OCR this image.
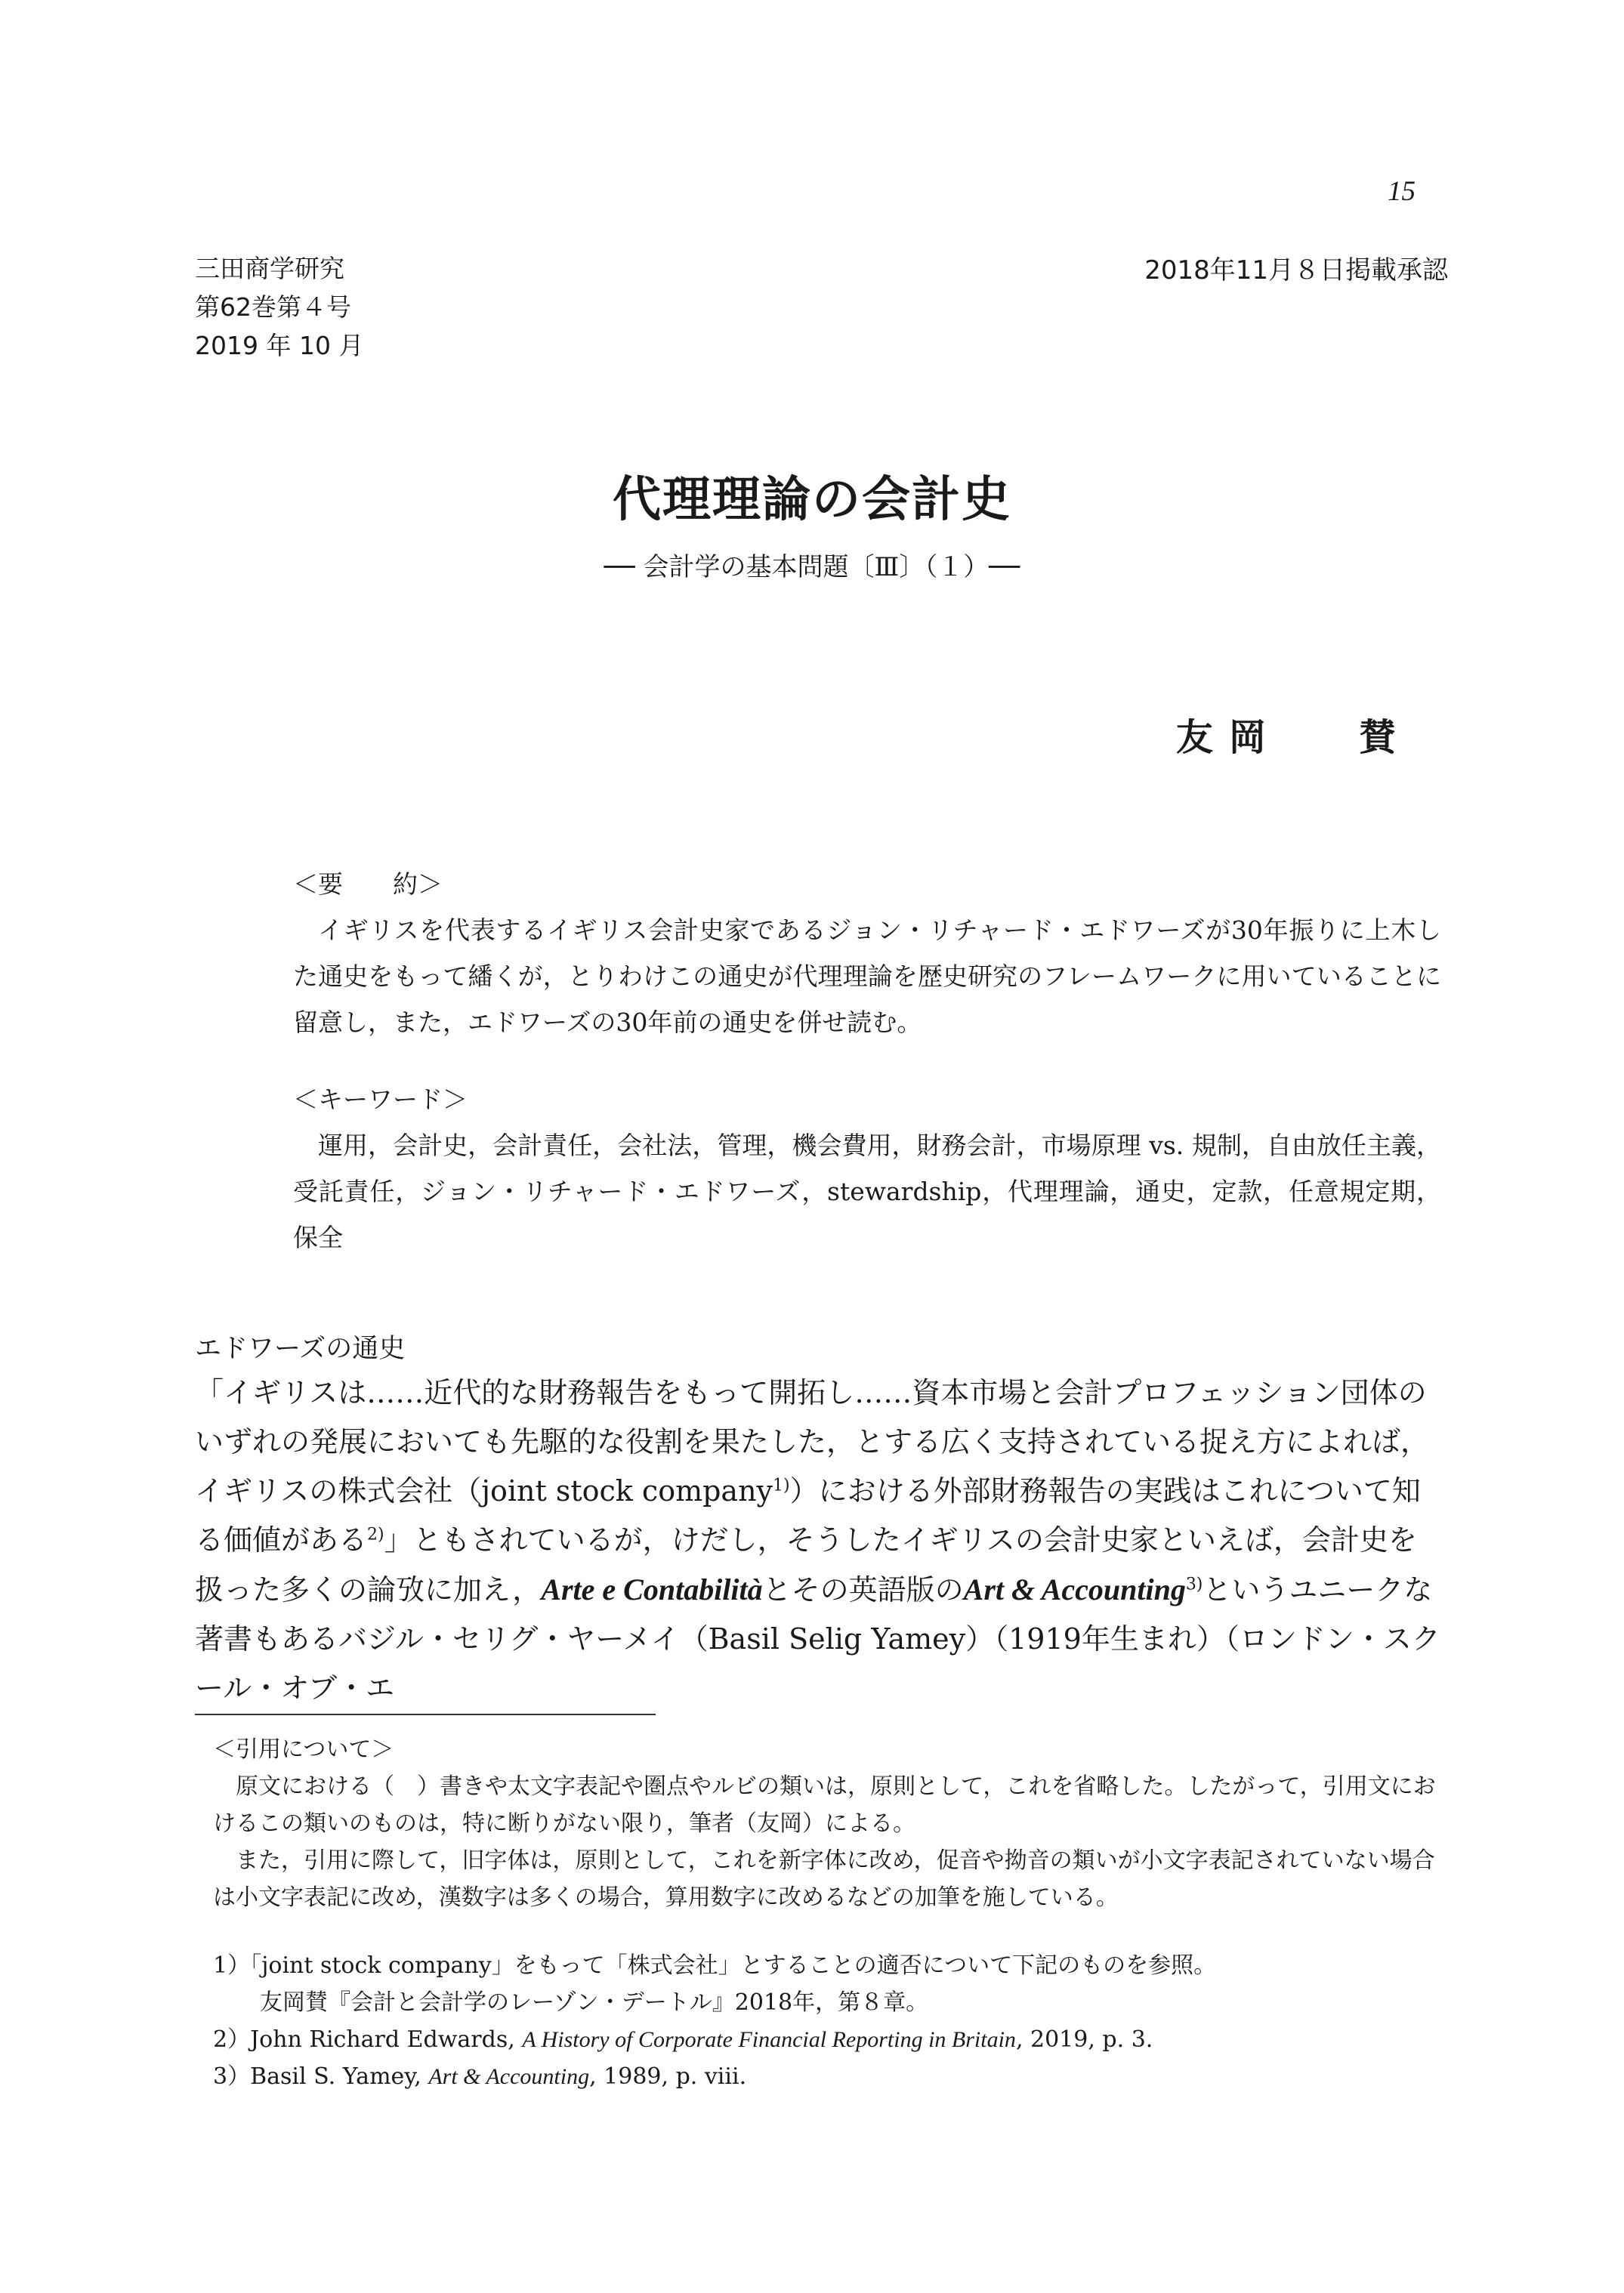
15
三田商学研究
第62巻第４号
2019 年 10 月
2018年11月８日掲載承認
代理理論の会計史
── 会計学の基本問題〔Ⅲ〕（１）──
友 岡　　 賛
＜要　　約＞
イギリスを代表するイギリス会計史家であるジョン・リチャード・エドワーズが30年振りに上木した通史をもって繙くが，とりわけこの通史が代理理論を歴史研究のフレームワークに用いていることに留意し，また，エドワーズの30年前の通史を併せ読む。
＜キーワード＞
運用，会計史，会計責任，会社法，管理，機会費用，財務会計，市場原理 vs. 規制，自由放任主義，受託責任，ジョン・リチャード・エドワーズ，stewardship，代理理論，通史，定款，任意規定期，保全
エドワーズの通史
「イギリスは……近代的な財務報告をもって開拓し……資本市場と会計プロフェッション団体のいずれの発展においても先駆的な役割を果たした，とする広く支持されている捉え方によれば，イギリスの株式会社（joint stock company$^{1)}$）における外部財務報告の実践はこれについて知る価値がある$^{2)}$」ともされているが，けだし，そうしたイギリスの会計史家といえば，会計史を扱った多くの論攷に加え，Arte e Contabilitàとその英語版のArt & Accounting$^{3)}$というユニークな著書もあるバジル・セリグ・ヤーメイ（Basil Selig Yamey）（1919年生まれ）（ロンドン・スクール・オブ・エ
＜引用について＞
原文における（　）書きや太文字表記や圏点やルビの類いは，原則として，これを省略した。したがって，引用文におけるこの類いのものは，特に断りがない限り，筆者（友岡）による。
また，引用に際して，旧字体は，原則として，これを新字体に改め，促音や拗音の類いが小文字表記されていない場合は小文字表記に改め，漢数字は多くの場合，算用数字に改めるなどの加筆を施している。
1）「joint stock company」をもって「株式会社」とすることの適否について下記のものを参照。
友岡賛『会計と会計学のレーゾン・デートル』2018年，第８章。
2）John Richard Edwards, A History of Corporate Financial Reporting in Britain, 2019, p. 3.
3）Basil S. Yamey, Art & Accounting, 1989, p. viii.
